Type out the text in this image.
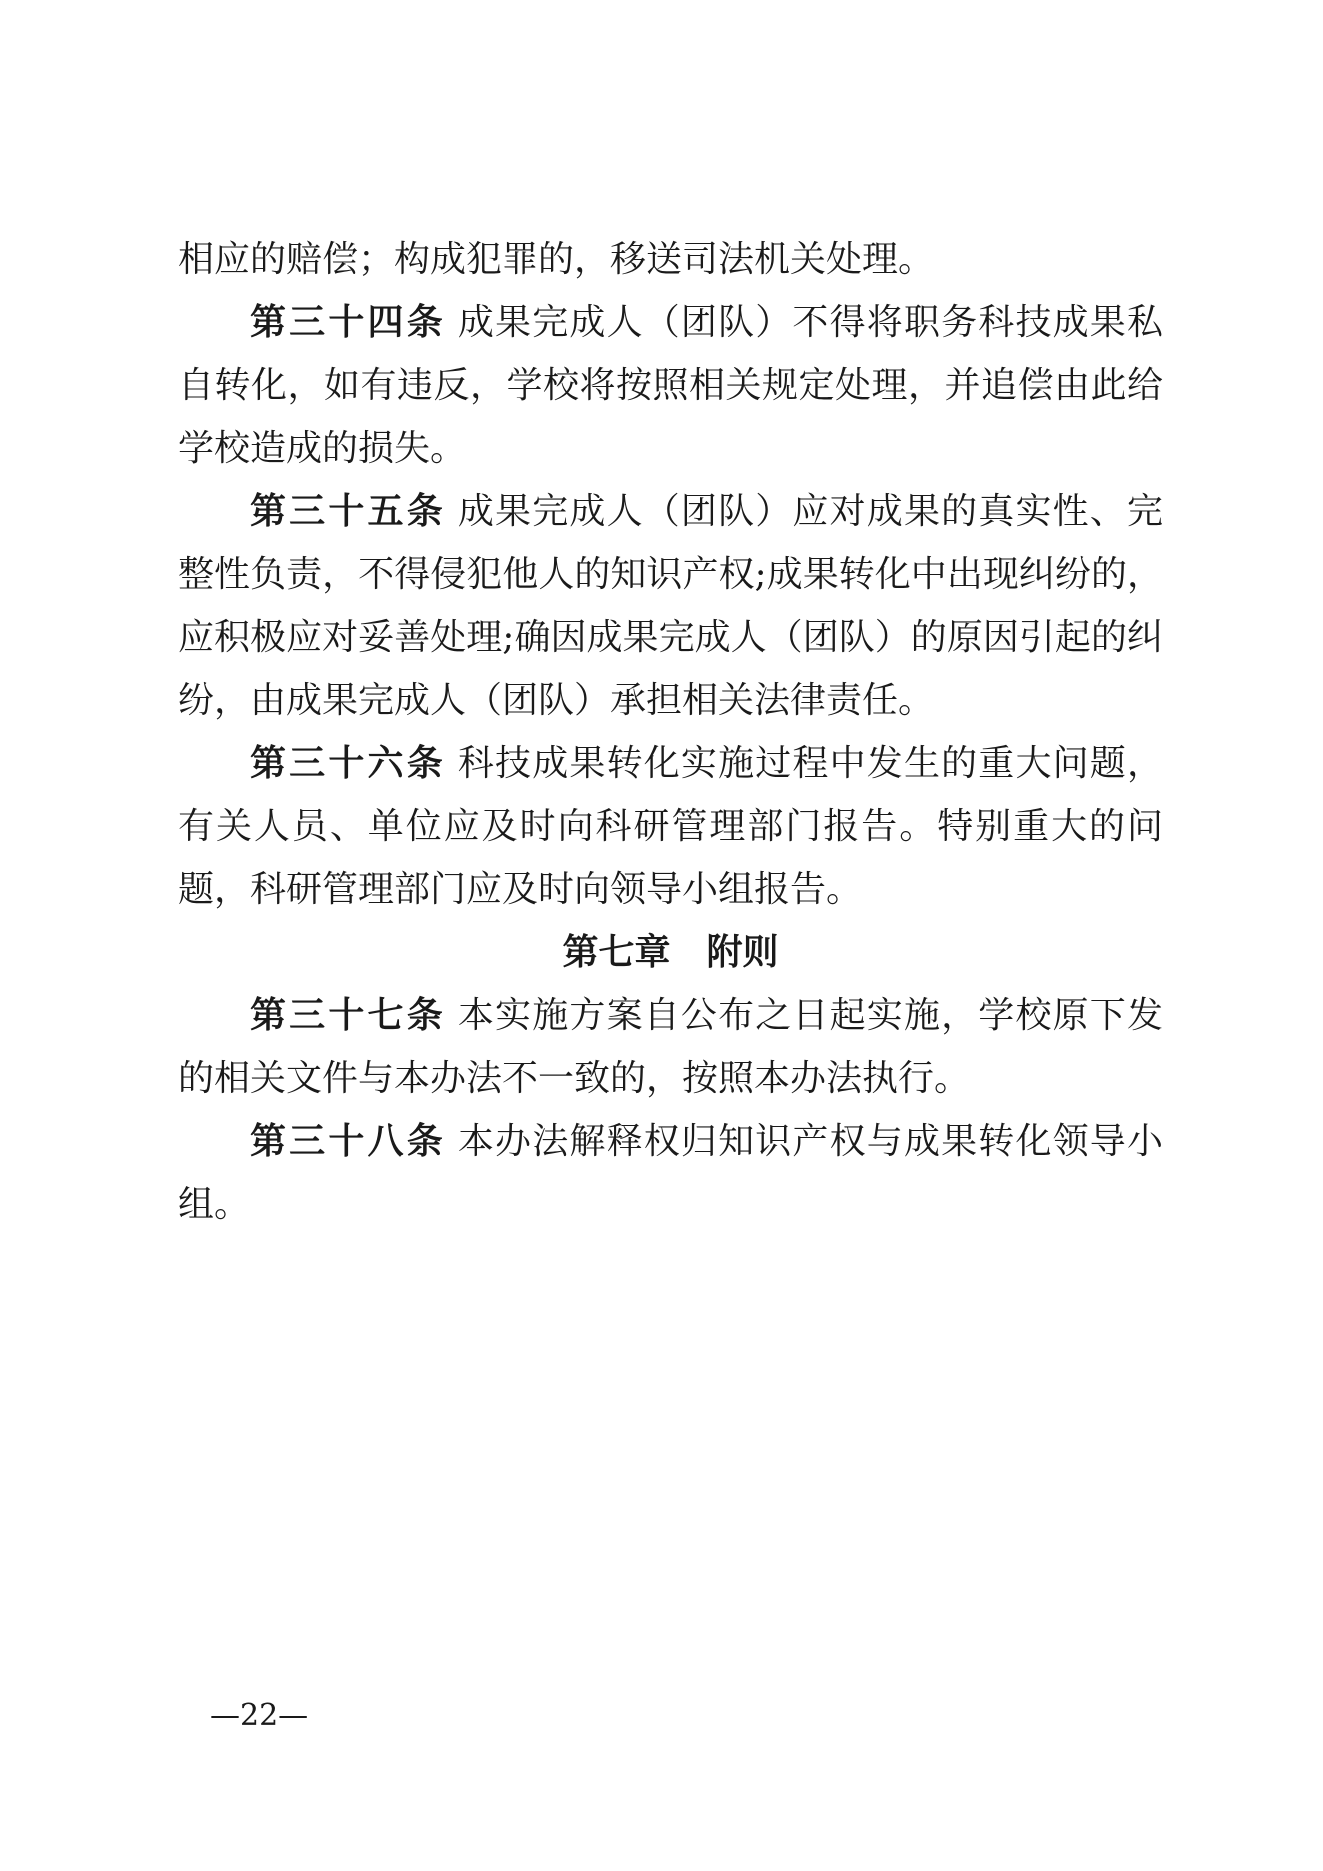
相应的赔偿；构成犯罪的，移送司法机关处理。

第三十四条 成果完成人（团队）不得将职务科技成果私自转化，如有违反，学校将按照相关规定处理，并追偿由此给学校造成的损失。

第三十五条 成果完成人（团队）应对成果的真实性、完整性负责，不得侵犯他人的知识产权;成果转化中出现纠纷的，应积极应对妥善处理;确因成果完成人（团队）的原因引起的纠纷，由成果完成人（团队）承担相关法律责任。

第三十六条 科技成果转化实施过程中发生的重大问题，有关人员、单位应及时向科研管理部门报告。特别重大的问题，科研管理部门应及时向领导小组报告。

第七章　附则

第三十七条 本实施方案自公布之日起实施，学校原下发的相关文件与本办法不一致的，按照本办法执行。

第三十八条 本办法解释权归知识产权与成果转化领导小组。

—22—
